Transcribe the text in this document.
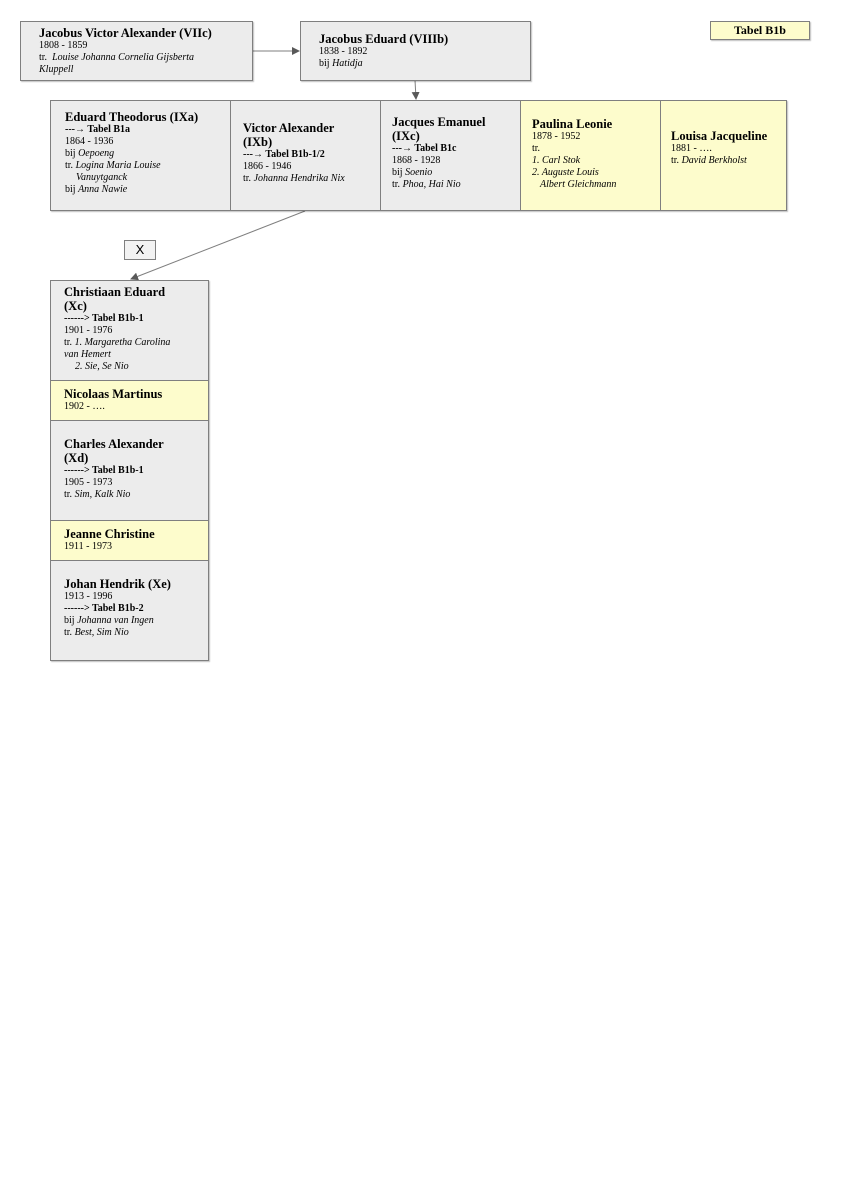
Tabel B1b
Jacobus Victor Alexander (VIIc)
1808 - 1859
tr. Louise Johanna Cornelia Gijsberta
Kluppell
Jacobus Eduard (VIIIb)
1838 - 1892
bij Hatidja
Eduard Theodorus (IXa)
---→ Tabel B1a
1864 - 1936
bij Oepoeng
tr. Logina Maria Louise
Vanuytganck
bij Anna Nawie
Victor Alexander
(IXb)
---→ Tabel B1b-1/2
1866 - 1946
tr. Johanna Hendrika Nix
Jacques Emanuel
(IXc)
---→ Tabel B1c
1868 - 1928
bij Soenio
tr. Phoa, Hai Nio
Paulina Leonie
1878 - 1952
tr.
1. Carl Stok
2. Auguste Louis
Albert Gleichmann
Louisa Jacqueline
1881 - ….
tr. David Berkholst
X
Christiaan Eduard
(Xc)
------> Tabel B1b-1
1901 - 1976
tr. 1. Margaretha Carolina
van Hemert
2. Sie, Se Nio
Nicolaas Martinus
1902 - ….
Charles Alexander
(Xd)
------> Tabel B1b-1
1905 - 1973
tr. Sim, Kalk Nio
Jeanne Christine
1911 - 1973
Johan Hendrik (Xe)
1913 - 1996
------> Tabel B1b-2
bij Johanna van Ingen
tr. Best, Sim Nio
